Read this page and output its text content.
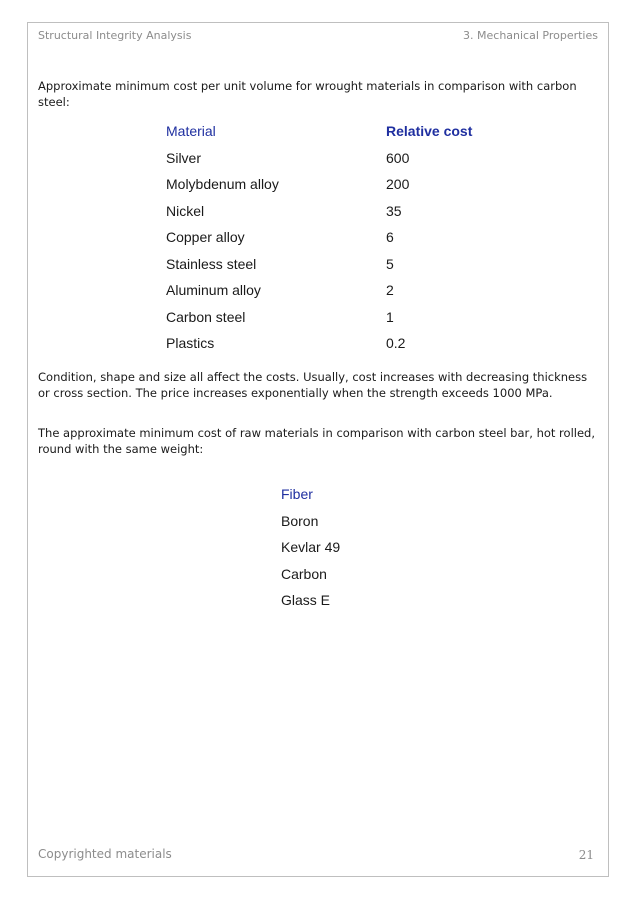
Structural Integrity Analysis	3. Mechanical Properties
Approximate minimum cost per unit volume for wrought materials in comparison with carbon steel:
Material	Relative cost
Silver	600
Molybdenum alloy	200
Nickel	35
Copper alloy	6
Stainless steel	5
Aluminum alloy	2
Carbon steel	1
Plastics	0.2
Condition, shape and size all affect the costs. Usually, cost increases with decreasing thickness or cross section. The price increases exponentially when the strength exceeds 1000 MPa.
The approximate minimum cost of raw materials in comparison with carbon steel bar, hot rolled, round with the same weight:
Fiber
Boron
Kevlar 49
Carbon
Glass E
Copyrighted materials	21
